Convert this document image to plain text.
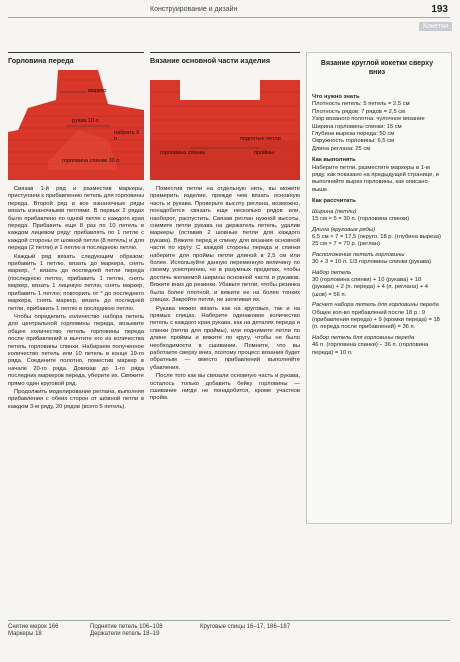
Конструирование и дизайн	193
Кокетки
Горловина переда
маркер
рукав 10 п.
набрать 9 п.
горловина спинки 30 п.
Вязание основной части изделия
поднятые петли
горловина спинки	проймы

Связав 1-й ряд и разместив маркеры, приступаем к прибавлению петель для горловины переда. Второй ряд и все изнаночные ряды вязать изнаночными петлями. В первых 2 рядах было прибавлено по одной петле с каждого края переда. Прибавить еще 8 раз по 10 петель в каждом лицевом ряду: прибавлять по 1 петле с каждой стороны от шовной петли (8 петель) и для переда (2 петли) и 1 петлю в последнюю петлю.

Каждый ряд вязать следующим образом: прибавить 1 петлю, вязать до маркера, снять маркер, * вязать до последней петли переда (последнюю петлю, прибавить 1 петлю, снять маркер, вязать 1 лицевую петлю, снять маркер, прибавить 1 петлю; повторить от * до последнего маркера, снять маркер, вязать до последней петли, прибавить 1 петлю в последнюю петлю.

Чтобы определить количество набора петель для центральной горловины переда, возьмите общее количество петель горловины переда после прибавлений и вычтите его из количества петель горловины спинки. Набираем полученное количество петель или 10 петель в конце 19-го ряда. Соедините полотно, поместив маркер в начале 20-го ряда. Довязав до 1-го ряда последних маркеров переда, уберите их. Свяжите прямо один круговой ряд.

Продолжить моделирование реглана, выполняя прибавления с обеих сторон от шовной петли в каждом 3-м ряду, 20 рядов (всего 5 петель).

Поместив петли на отдельную нить, вы можете примерить изделие, прежде чем вязать основную часть и рукава. Проверьте высоту реглана, возможно, понадобится связать еще несколько рядов или, наоборот, распустить. Связав реглан нужной высоты, снимите петли рукава на держатель петель, удалив маркеры (оставив 2 шовные петли для каждого рукава). Вяжите перед и спинку для вязания основной части по кругу. С каждой стороны переда и спинки наберите для проймы петли длиной в 2,5 см или более. Используйте данную переменную величину по своему усмотрению, но в разумных пределах, чтобы достичь желаемой ширины основной части и рукавов. Вяжите вниз до резинки. Убавьте петли, чтобы резинка была более плотной, и вяжите ее на более тонких спицах. Закройте петли, не затягивая их.

Рукава можно вязать как на круговых, так и на прямых спицах. Наберите одинаковое количество петель с каждого края рукава, как на деталях переда и спинки (петли для проймы), или поднимите петли по длине проймы и вяжите по кругу, чтобы не было необходимости в сшивании. Помните, что вы работаете сверху вниз, поэтому процесс вязания будет обратным — вместо прибавлений выполняйте убавления.

После того как вы связали основную часть и рукава, осталось только добавить бейку горловины — сшивание нигде не понадобится, кроме участков пройм.

Вязание круглой кокетки сверху вниз
Что нужно знать
Плотность петель: 5 петель = 2,5 см
Плотность рядов: 7 рядов = 2,5 см
Узор вязаного полотна: чулочное вязание
Ширина горловины спинки: 15 см
Глубина выреза переда: 50 см
Окружность горловины: 6,5 см
Длина реглана: 25 см
Как выполнять
Наберите петли, разместите маркеры в 1-м ряду, как показано на предыдущей странице, и выполняйте вырез горловины, как описано выше.
Как рассчитать
Ширина (петли)
15 см × 5 = 30 п. (горловина спинки)
Длина (круговые ряды)
6,5 см × 7 = 17,5 (округл. 18 р. (глубина выреза)
25 см × 7 = 70 р. (реглан)
Расположение петель горловины
30 + 3 = 10 п. 1/3 горловины спинки (рукава)
Набор петель
30 (горловина спинки) + 10 (рукава) + 10 (рукава) + 2 (п. переда) + 4 (п. реглана) + 4 (шов) = 56 п.
Расчет набора петель для горловины переда
Общее кол-во прибавлений после 18 р.: 9 (прибавления переда) + 9 (кромки переда) = 18 (п. переда после прибавлений) = 36 п.
Набор петель для горловины переда
46 п. (горловина спинки) − 36 п. (горловина переда) = 10 п.
Снятие мерок 166
Маркеры 18
Поднятие петель 106–108
Держатели петель 18–19
Круговые спицы 16–17, 186–187
